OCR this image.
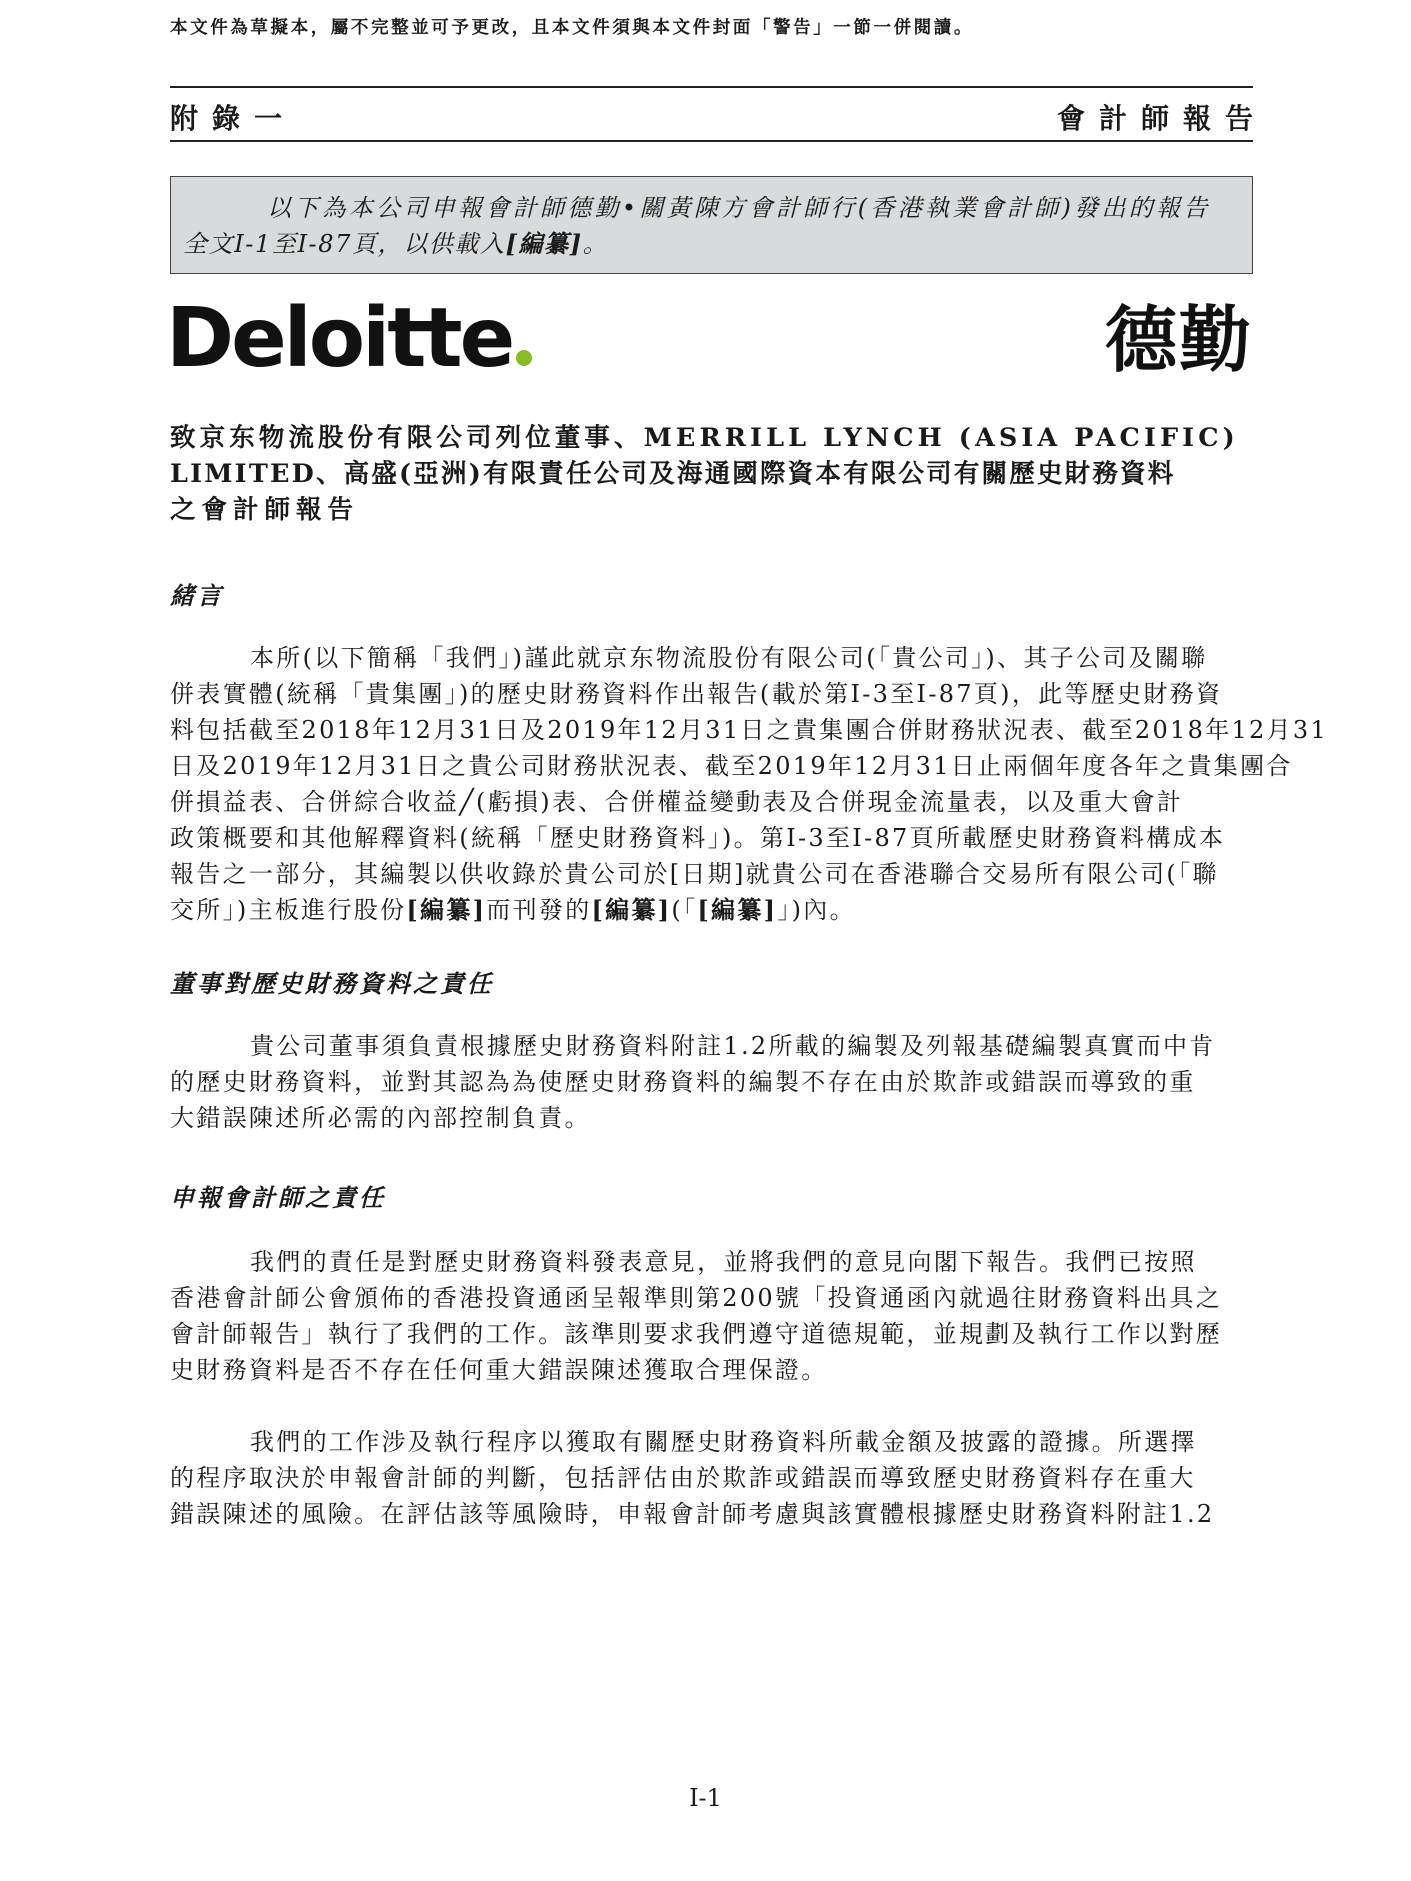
本文件為草擬本，屬不完整並可予更改，且本文件須與本文件封面「警告」一節一併閱讀。
附錄一	會計師報告
以下為本公司申報會計師德勤•關黃陳方會計師行(香港執業會計師)發出的報告
全文I-1至I-87頁，以供載入[編纂]。
Deloitte	德勤
致京东物流股份有限公司列位董事、MERRILL LYNCH (ASIA PACIFIC)
LIMITED、高盛(亞洲)有限責任公司及海通國際資本有限公司有關歷史財務資料
之會計師報告
緒言
本所(以下簡稱「我們」)謹此就京东物流股份有限公司(「貴公司」)、其子公司及關聯
併表實體(統稱「貴集團」)的歷史財務資料作出報告(載於第I-3至I-87頁)，此等歷史財務資
料包括截至2018年12月31日及2019年12月31日之貴集團合併財務狀況表、截至2018年12月31
日及2019年12月31日之貴公司財務狀況表、截至2019年12月31日止兩個年度各年之貴集團合
併損益表、合併綜合收益╱(虧損)表、合併權益變動表及合併現金流量表，以及重大會計
政策概要和其他解釋資料(統稱「歷史財務資料」)。第I-3至I-87頁所載歷史財務資料構成本
報告之一部分，其編製以供收錄於貴公司於[日期]就貴公司在香港聯合交易所有限公司(「聯
交所」)主板進行股份[編纂]而刊發的[編纂](「[編纂]」)內。
董事對歷史財務資料之責任
貴公司董事須負責根據歷史財務資料附註1.2所載的編製及列報基礎編製真實而中肯
的歷史財務資料，並對其認為為使歷史財務資料的編製不存在由於欺詐或錯誤而導致的重
大錯誤陳述所必需的內部控制負責。
申報會計師之責任
我們的責任是對歷史財務資料發表意見，並將我們的意見向閣下報告。我們已按照
香港會計師公會頒佈的香港投資通函呈報準則第200號「投資通函內就過往財務資料出具之
會計師報告」執行了我們的工作。該準則要求我們遵守道德規範，並規劃及執行工作以對歷
史財務資料是否不存在任何重大錯誤陳述獲取合理保證。
我們的工作涉及執行程序以獲取有關歷史財務資料所載金額及披露的證據。所選擇
的程序取決於申報會計師的判斷，包括評估由於欺詐或錯誤而導致歷史財務資料存在重大
錯誤陳述的風險。在評估該等風險時，申報會計師考慮與該實體根據歷史財務資料附註1.2
I-1
